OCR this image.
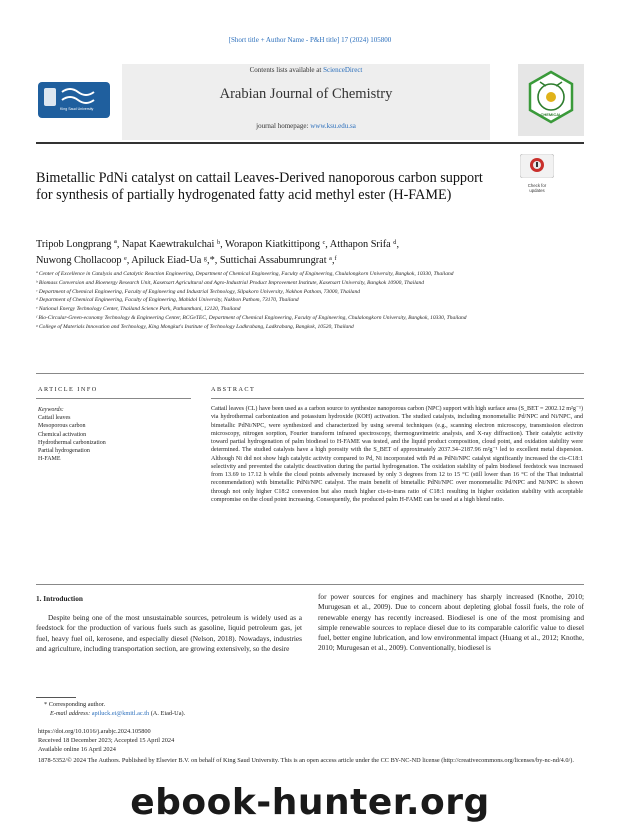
[Short title + Author Name - P&H title] 17 (2024) 105800
King Saud University
Contents lists available at ScienceDirect
Arabian Journal of Chemistry
journal homepage: www.ksu.edu.sa
CHEMICAL
Bimetallic PdNi catalyst on cattail Leaves-Derived nanoporous carbon support for synthesis of partially hydrogenated fatty acid methyl ester (H-FAME)
Check for updates
Tripob Longprang ª, Napat Kaewtrakulchai ᵇ, Worapon Kiatkittipong ᶜ, Atthapon Srifa ᵈ,
Nuwong Chollacoop ᵉ, Apiluck Eiad-Ua ᵍ,*, Suttichai Assabumrungrat ᵃ,ᶠ

ª Center of Excellence in Catalysis and Catalytic Reaction Engineering, Department of Chemical Engineering, Faculty of Engineering, Chulalongkorn University, Bangkok, 10330, Thailand

ᵇ Biomass Conversion and Bioenergy Research Unit, Kasetsart Agricultural and Agro-Industrial Product Improvement Institute, Kasetsart University, Bangkok 10900, Thailand

ᶜ Department of Chemical Engineering, Faculty of Engineering and Industrial Technology, Silpakorn University, Nakhon Pathom, 73000, Thailand

ᵈ Department of Chemical Engineering, Faculty of Engineering, Mahidol University, Nakhon Pathom, 73170, Thailand

ᵉ National Energy Technology Center, Thailand Science Park, Pathumthani, 12120, Thailand

ᶠ Bio-Circular-Green-economy Technology & Engineering Center, BCGeTEC, Department of Chemical Engineering, Faculty of Engineering, Chulalongkorn University, Bangkok, 10330, Thailand

ᵍ College of Materials Innovation and Technology, King Mongkut's Institute of Technology Ladkrabang, Ladkrabang, Bangkok, 10520, Thailand

ARTICLE INFO	ABSTRACT
Keywords:
Cattail leaves
Mesoporous carbon
Chemical activation
Hydrothermal carbonization
Partial hydrogenation
H-FAME
Cattail leaves (CL) have been used as a carbon source to synthesize nanoporous carbon (NPC) support with high surface area (S_BET = 2002.12 m²g⁻¹) via hydrothermal carbonization and potassium hydroxide (KOH) activation. The studied catalysts, including monometallic Pd/NPC and Ni/NPC, and bimetallic PdNi/NPC, were synthesized and characterized by using several techniques (e.g., scanning electron microscopy, transmission electron microscopy, nitrogen sorption, Fourier transform infrared spectroscopy, thermogravimetric analysis, and X-ray diffraction). Their catalytic activity toward partial hydrogenation of palm biodiesel to H-FAME was tested, and the liquid product composition, cloud point, and oxidation stability were determined. The studied catalysts have a high porosity with the S_BET of approximately 2037.34–2187.96 m²g⁻¹ led to excellent metal dispersion. Although Ni did not show high catalytic activity compared to Pd, Ni incorporated with Pd as PdNi/NPC catalyst significantly increased the cis-C18:1 selectivity and prevented the catalytic deactivation during the partial hydrogenation. The oxidation stability of palm biodiesel feedstock was increased from 13.69 to 17.12 h while the cloud points adversely increased by only 3 degrees from 12 to 15 °C (still lower than 16 °C of the Thai industrial recommendation) with bimetallic PdNi/NPC catalyst. The main benefit of bimetallic PdNi/NPC over monometallic Pd/NPC and Ni/NPC is shown through not only higher C18:2 conversion but also much higher cis-to-trans ratio of C18:1 resulting in higher oxidation stability with acceptable compromise on the cloud point increasing. Consequently, the produced palm H-FAME can be used at a high blend ratio.
1. Introduction
Despite being one of the most unsustainable sources, petroleum is widely used as a feedstock for the production of various fuels such as gasoline, liquid petroleum gas, jet fuel, heavy fuel oil, kerosene, and especially diesel (Nelson, 2018). Nowadays, industries and agriculture, including transportation section, are growing extensively, so the desire
for power sources for engines and machinery has sharply increased (Knothe, 2010; Murugesan et al., 2009). Due to concern about depleting global fossil fuels, the role of renewable energy has recently increased. Biodiesel is one of the most promising and simple renewable sources to replace diesel due to its comparable calorific value to diesel fuel, better engine lubrication, and low environmental impact (Huang et al., 2012; Knothe, 2010; Murugesan et al., 2009). Conventionally, biodiesel is
* Corresponding author.
E-mail address: apiluck.ei@kmitl.ac.th (A. Eiad-Ua).
https://doi.org/10.1016/j.arabjc.2024.105800
Received 18 December 2023; Accepted 15 April 2024
Available online 16 April 2024
1878-5352/© 2024 The Authors. Published by Elsevier B.V. on behalf of King Saud University. This is an open access article under the CC BY-NC-ND license (http://creativecommons.org/licenses/by-nc-nd/4.0/).
ebook-hunter.org
